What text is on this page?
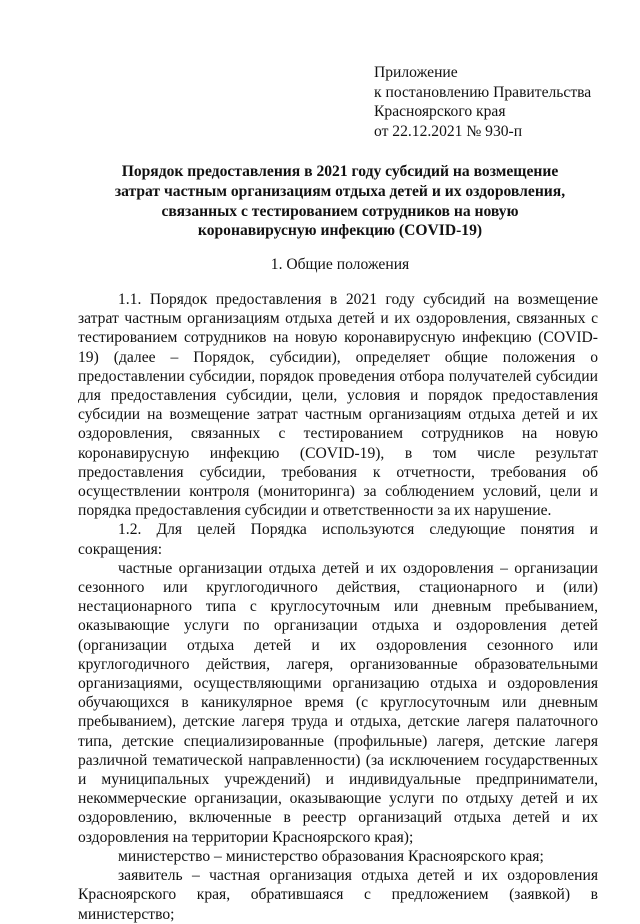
Приложение
к постановлению Правительства
Красноярского края
от 22.12.2021 № 930-п
Порядок предоставления в 2021 году субсидий на возмещение
затрат частным организациям отдыха детей и их оздоровления,
связанных с тестированием сотрудников на новую
коронавирусную инфекцию (COVID-19)
1. Общие положения

1.1. Порядок предоставления в 2021 году субсидий на возмещение затрат частным организациям отдыха детей и их оздоровления, связанных с тестированием сотрудников на новую коронавирусную инфекцию (COVID-19) (далее – Порядок, субсидии), определяет общие положения о предоставлении субсидии, порядок проведения отбора получателей субсидии для предоставления субсидии, цели, условия и порядок предоставления субсидии на возмещение затрат частным организациям отдыха детей и их оздоровления, связанных с тестированием сотрудников на новую коронавирусную инфекцию (COVID-19), в том числе результат предоставления субсидии, требования к отчетности, требования об осуществлении контроля (мониторинга) за соблюдением условий, цели и порядка предоставления субсидии и ответственности за их нарушение.

1.2. Для целей Порядка используются следующие понятия и сокращения:

частные организации отдыха детей и их оздоровления – организации сезонного или круглогодичного действия, стационарного и (или) нестационарного типа с круглосуточным или дневным пребыванием, оказывающие услуги по организации отдыха и оздоровления детей (организации отдыха детей и их оздоровления сезонного или круглогодичного действия, лагеря, организованные образовательными организациями, осуществляющими организацию отдыха и оздоровления обучающихся в каникулярное время (с круглосуточным или дневным пребыванием), детские лагеря труда и отдыха, детские лагеря палаточного типа, детские специализированные (профильные) лагеря, детские лагеря различной тематической направленности) (за исключением государственных и муниципальных учреждений) и индивидуальные предприниматели, некоммерческие организации, оказывающие услуги по отдыху детей и их оздоровлению, включенные в реестр организаций отдыха детей и их оздоровления на территории Красноярского края);

министерство – министерство образования Красноярского края;

заявитель – частная организация отдыха детей и их оздоровления Красноярского края, обратившаяся с предложением (заявкой) в министерство;
